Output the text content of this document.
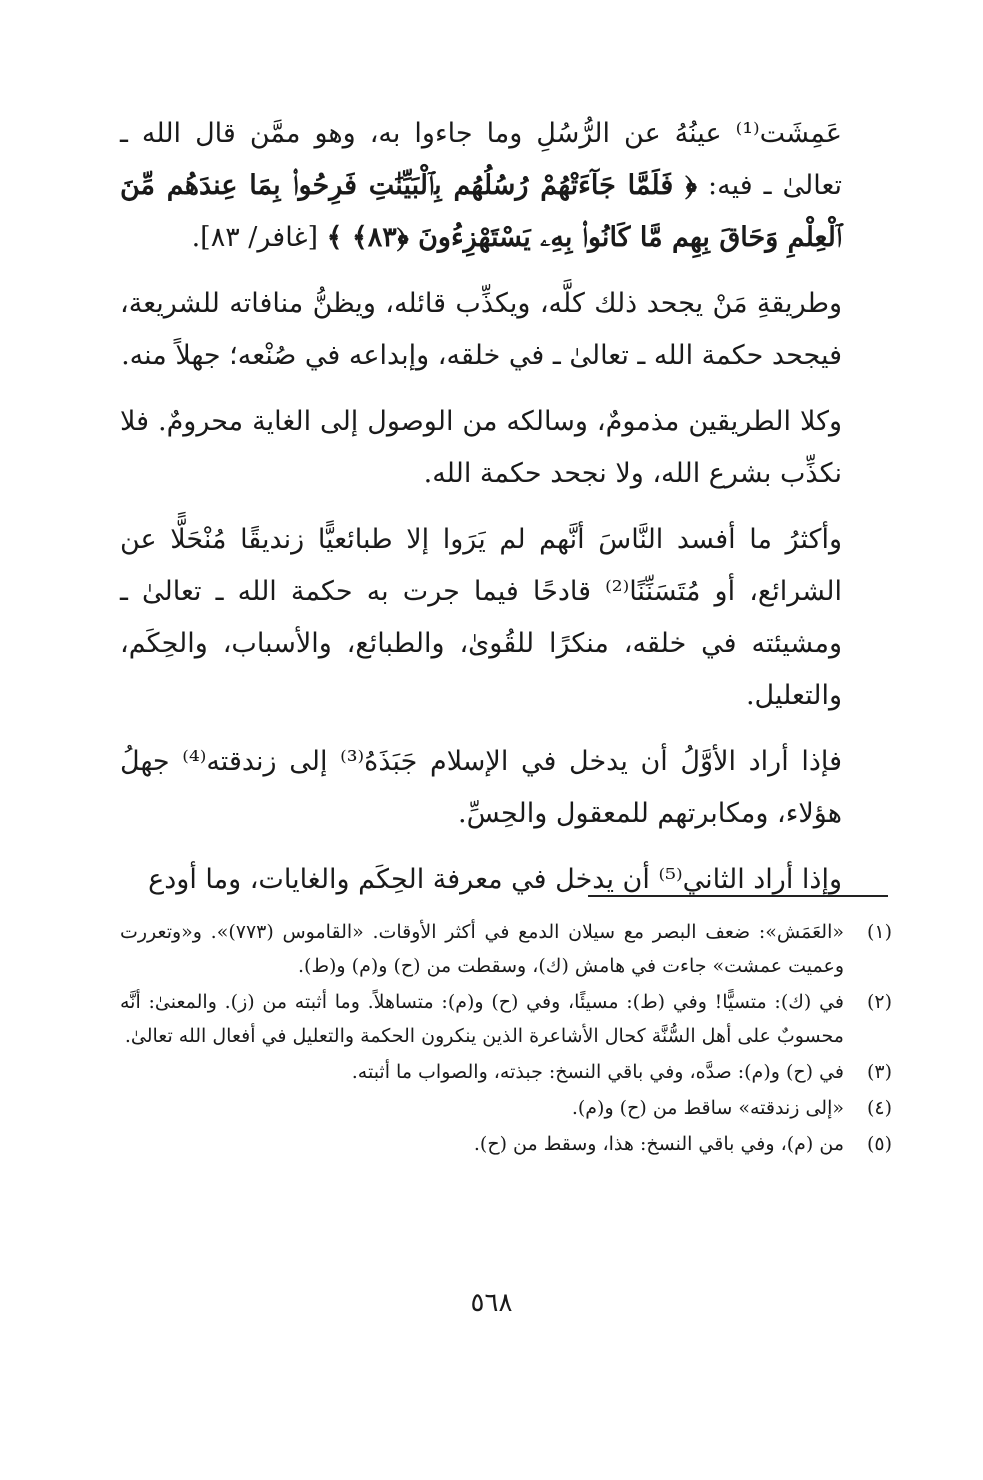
عَمِشَت⁽¹⁾ عينُهُ عن الرُّسُلِ وما جاءوا به، وهو ممَّن قال الله ـ تعالىٰ ـ فيه: ﴿ فَلَمَّا جَآءَتْهُمْ رُسُلُهُم بِٱلْبَيِّنَٰتِ فَرِحُوا۟ بِمَا عِندَهُم مِّنَ ٱلْعِلْمِ وَحَاقَ بِهِم مَّا كَانُوا۟ بِهِۦ يَسْتَهْزِءُونَ ﴿٨٣﴾ ﴾ [غافر/ ٨٣].

وطريقةِ مَنْ يجحد ذلك كلَّه، ويكذِّب قائله، ويظنُّ منافاته للشريعة، فيجحد حكمة الله ـ تعالىٰ ـ في خلقه، وإبداعه في صُنْعه؛ جهلاً منه.

وكلا الطريقين مذمومٌ، وسالكه من الوصول إلى الغاية محرومٌ. فلا نكذِّب بشرع الله، ولا نجحد حكمة الله.

وأكثرُ ما أفسد النَّاسَ أنَّهم لم يَرَوا إلا طبائعيًّا زنديقًا مُنْحَلًّا عن الشرائع، أو مُتَسَنِّنًا⁽²⁾ قادحًا فيما جرت به حكمة الله ـ تعالىٰ ـ ومشيئته في خلقه، منكرًا للقُوىٰ، والطبائع، والأسباب، والحِكَم، والتعليل.

فإذا أراد الأوَّلُ أن يدخل في الإسلام جَبَذَهُ⁽³⁾ إلى زندقته⁽⁴⁾ جهلُ هؤلاء، ومكابرتهم للمعقول والحِسِّ.

وإذا أراد الثاني⁽⁵⁾ أن يدخل في معرفة الحِكَم والغايات، وما أودع

(١)
«العَمَش»: ضعف البصر مع سيلان الدمع في أكثر الأوقات. «القاموس (٧٧٣)». و«وتعررت وعميت عمشت» جاءت في هامش (ك)، وسقطت من (ح) و(م) و(ط).
(٢)
في (ك): متسيًّا! وفي (ط): مسيئًا، وفي (ح) و(م): متساهلاً. وما أثبته من (ز). والمعنىٰ: أنَّه محسوبٌ على أهل السُّنَّة كحال الأشاعرة الذين ينكرون الحكمة والتعليل في أفعال الله تعالىٰ.
(٣)
في (ح) و(م): صدَّه، وفي باقي النسخ: جبذته، والصواب ما أثبته.
(٤)
«إلى زندقته» ساقط من (ح) و(م).
(٥)
من (م)، وفي باقي النسخ: هذا، وسقط من (ح).
٥٦٨
